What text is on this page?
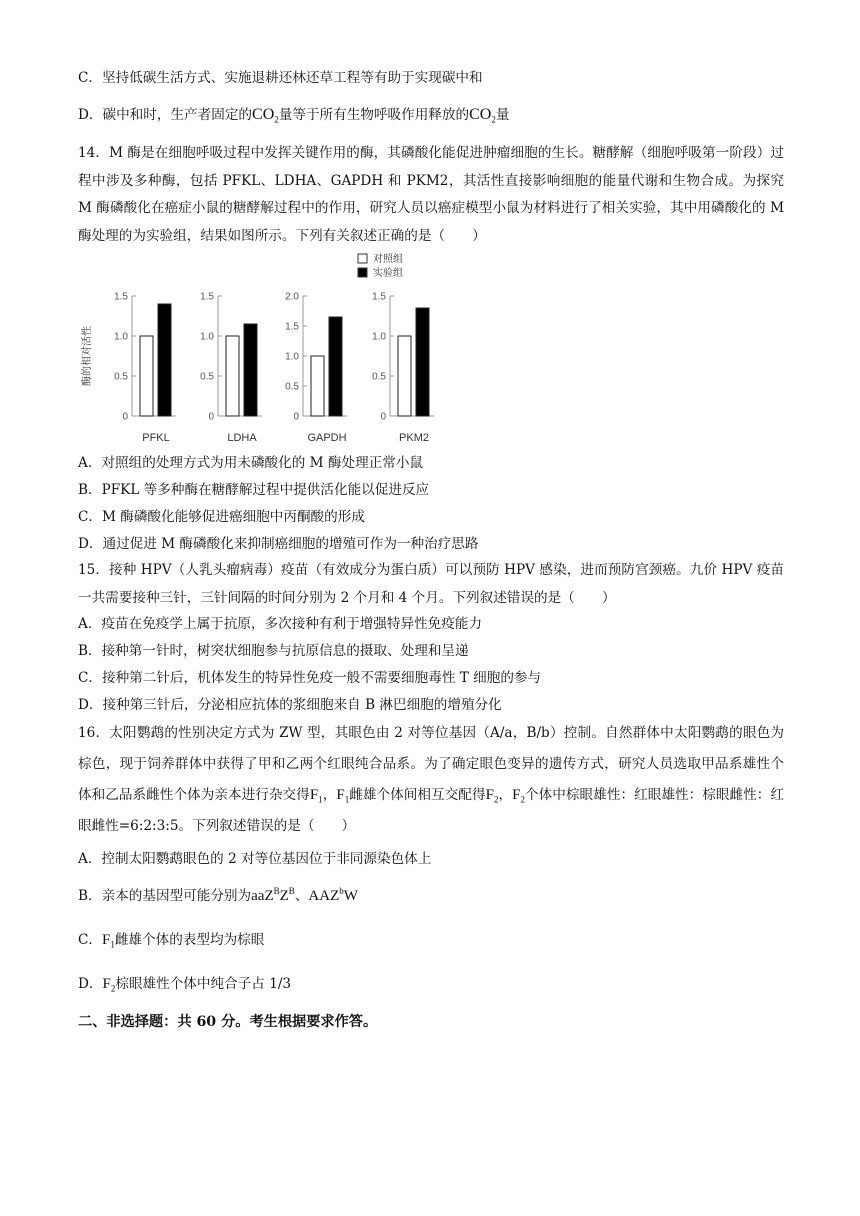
C．坚持低碳生活方式、实施退耕还林还草工程等有助于实现碳中和
D．碳中和时，生产者固定的$CO_2$量等于所有生物呼吸作用释放的$CO_2$量
14．M 酶是在细胞呼吸过程中发挥关键作用的酶，其磷酸化能促进肿瘤细胞的生长。糖酵解（细胞呼吸第一阶段）过程中涉及多种酶，包括 PFKL、LDHA、GAPDH 和 PKM2，其活性直接影响细胞的能量代谢和生物合成。为探究 M 酶磷酸化在癌症小鼠的糖酵解过程中的作用，研究人员以癌症模型小鼠为材料进行了相关实验，其中用磷酸化的 M 酶处理的为实验组，结果如图所示。下列有关叙述正确的是（　　）
酶的相对活性
对照组
实验组
0
0.5
1.0
1.5
PFKL
0
0.5
1.0
1.5
LDHA
0
0.5
1.0
1.5
2.0
GAPDH
0
0.5
1.0
1.5
PKM2
A．对照组的处理方式为用未磷酸化的 M 酶处理正常小鼠
B．PFKL 等多种酶在糖酵解过程中提供活化能以促进反应
C．M 酶磷酸化能够促进癌细胞中丙酮酸的形成
D．通过促进 M 酶磷酸化来抑制癌细胞的增殖可作为一种治疗思路
15．接种 HPV（人乳头瘤病毒）疫苗（有效成分为蛋白质）可以预防 HPV 感染，进而预防宫颈癌。九价 HPV 疫苗一共需要接种三针，三针间隔的时间分别为 2 个月和 4 个月。下列叙述错误的是（　　）
A．疫苗在免疫学上属于抗原，多次接种有利于增强特异性免疫能力
B．接种第一针时，树突状细胞参与抗原信息的摄取、处理和呈递
C．接种第二针后，机体发生的特异性免疫一般不需要细胞毒性 T 细胞的参与
D．接种第三针后，分泌相应抗体的浆细胞来自 B 淋巴细胞的增殖分化
16．太阳鹦鹉的性别决定方式为 ZW 型，其眼色由 2 对等位基因（A/a，B/b）控制。自然群体中太阳鹦鹉的眼色为棕色，现于饲养群体中获得了甲和乙两个红眼纯合品系。为了确定眼色变异的遗传方式，研究人员选取甲品系雄性个体和乙品系雌性个体为亲本进行杂交得$F_1$，$F_1$雌雄个体间相互交配得$F_2$，$F_2$个体中棕眼雄性：红眼雄性：棕眼雌性：红眼雌性=6:2:3:5。下列叙述错误的是（　　）
A．控制太阳鹦鹉眼色的 2 对等位基因位于非同源染色体上
B．亲本的基因型可能分别为$aaZ^BZ^B$、AAZ$^b$W
C．$F_1$雌雄个体的表型均为棕眼
D．$F_2$棕眼雄性个体中纯合子占 1/3
二、非选择题：共 60 分。考生根据要求作答。
